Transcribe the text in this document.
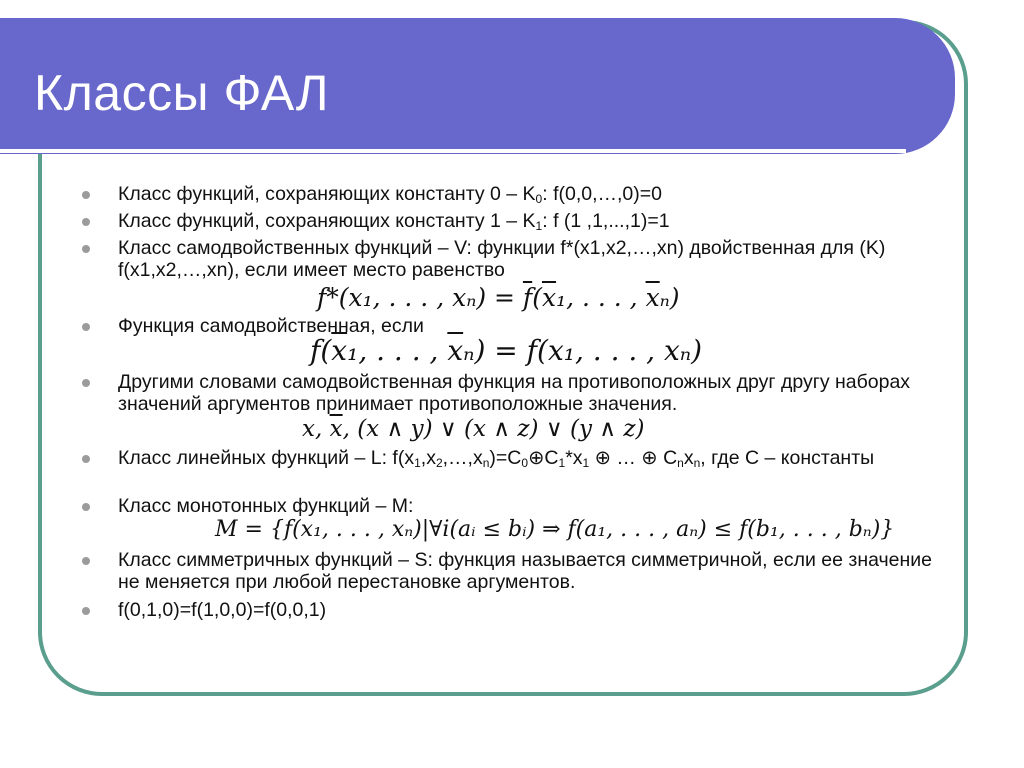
Классы ФАЛ
Класс функций, сохраняющих константу $0 - K_0$: f(0,0,…,0)=0
Класс функций, сохраняющих константу $1 - K_1$: f (1 ,1,...,1)=1
Класс самодвойственных функций – V: функции f*(x1,x2,…,xn) двойственная для (K) f(x1,x2,…,xn), если имеет место равенство
f*(x₁, . . . , $x_n) = \overline{f}(\overline{x}_1$, . . . , $\overline{x}_n$)
Функция самодвойственная, если
$f(\overline{x}_1$, . . . , $\overline{x}_n) = f(x_1$, . . . , xₙ)
Другими словами самодвойственная функция на противоположных друг другу наборах значений аргументов принимает противоположные значения.
x, $\overline{x}$, (x ∧ y) ∨ (x ∧ z) ∨ (y ∧ z)
Класс линейных функций – L: $f(x_1,x_2,\dots,x_n)=C_0\oplus C_1*x_1$ ⊕ … ⊕ $C_nx_n$, где C – константы
Класс монотонных функций – M:
M = {f(x₁, . . . , xₙ)|∀i(aᵢ ≤ bᵢ) ⇒ f(a₁, . . . , aₙ) ≤ f(b₁, . . . , bₙ)}
Класс симметричных функций – S: функция называется симметричной, если ее значение не меняется при любой перестановке аргументов.
f(0,1,0)=f(1,0,0)=f(0,0,1)
